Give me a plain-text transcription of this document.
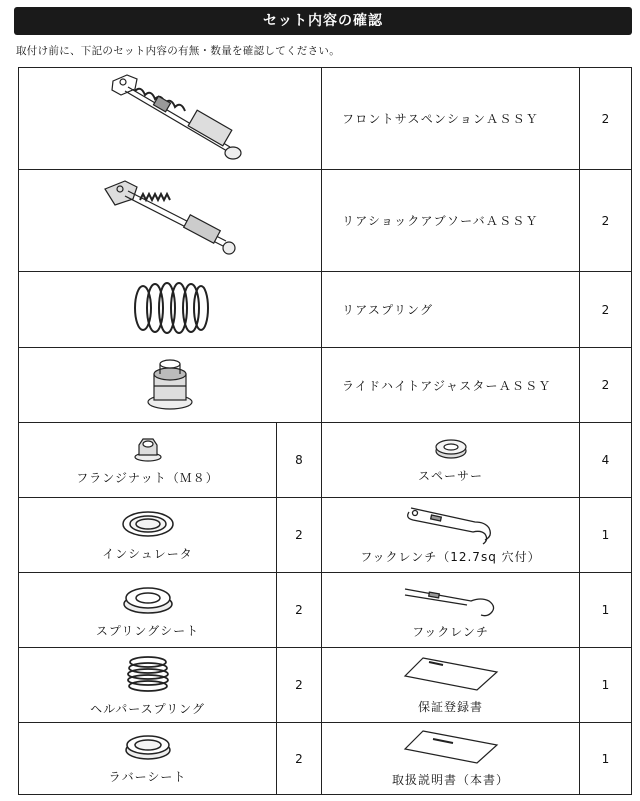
セット内容の確認
取付け前に、下記のセット内容の有無・数量を確認してください。
	フロントサスペンションＡＳＳＹ	2
	リアショックアブソーバＡＳＳＹ	2
	リアスプリング	2
	ライドハイトアジャスターＡＳＳＹ	2

フランジナット（Ｍ８）	8	スペーサー	4

インシュレータ	2	フックレンチ（12.7sq 穴付）	1

スプリングシート	2	フックレンチ	1

ヘルパースプリング	2	保証登録書	1

ラバーシート	2	取扱説明書（本書）	1
